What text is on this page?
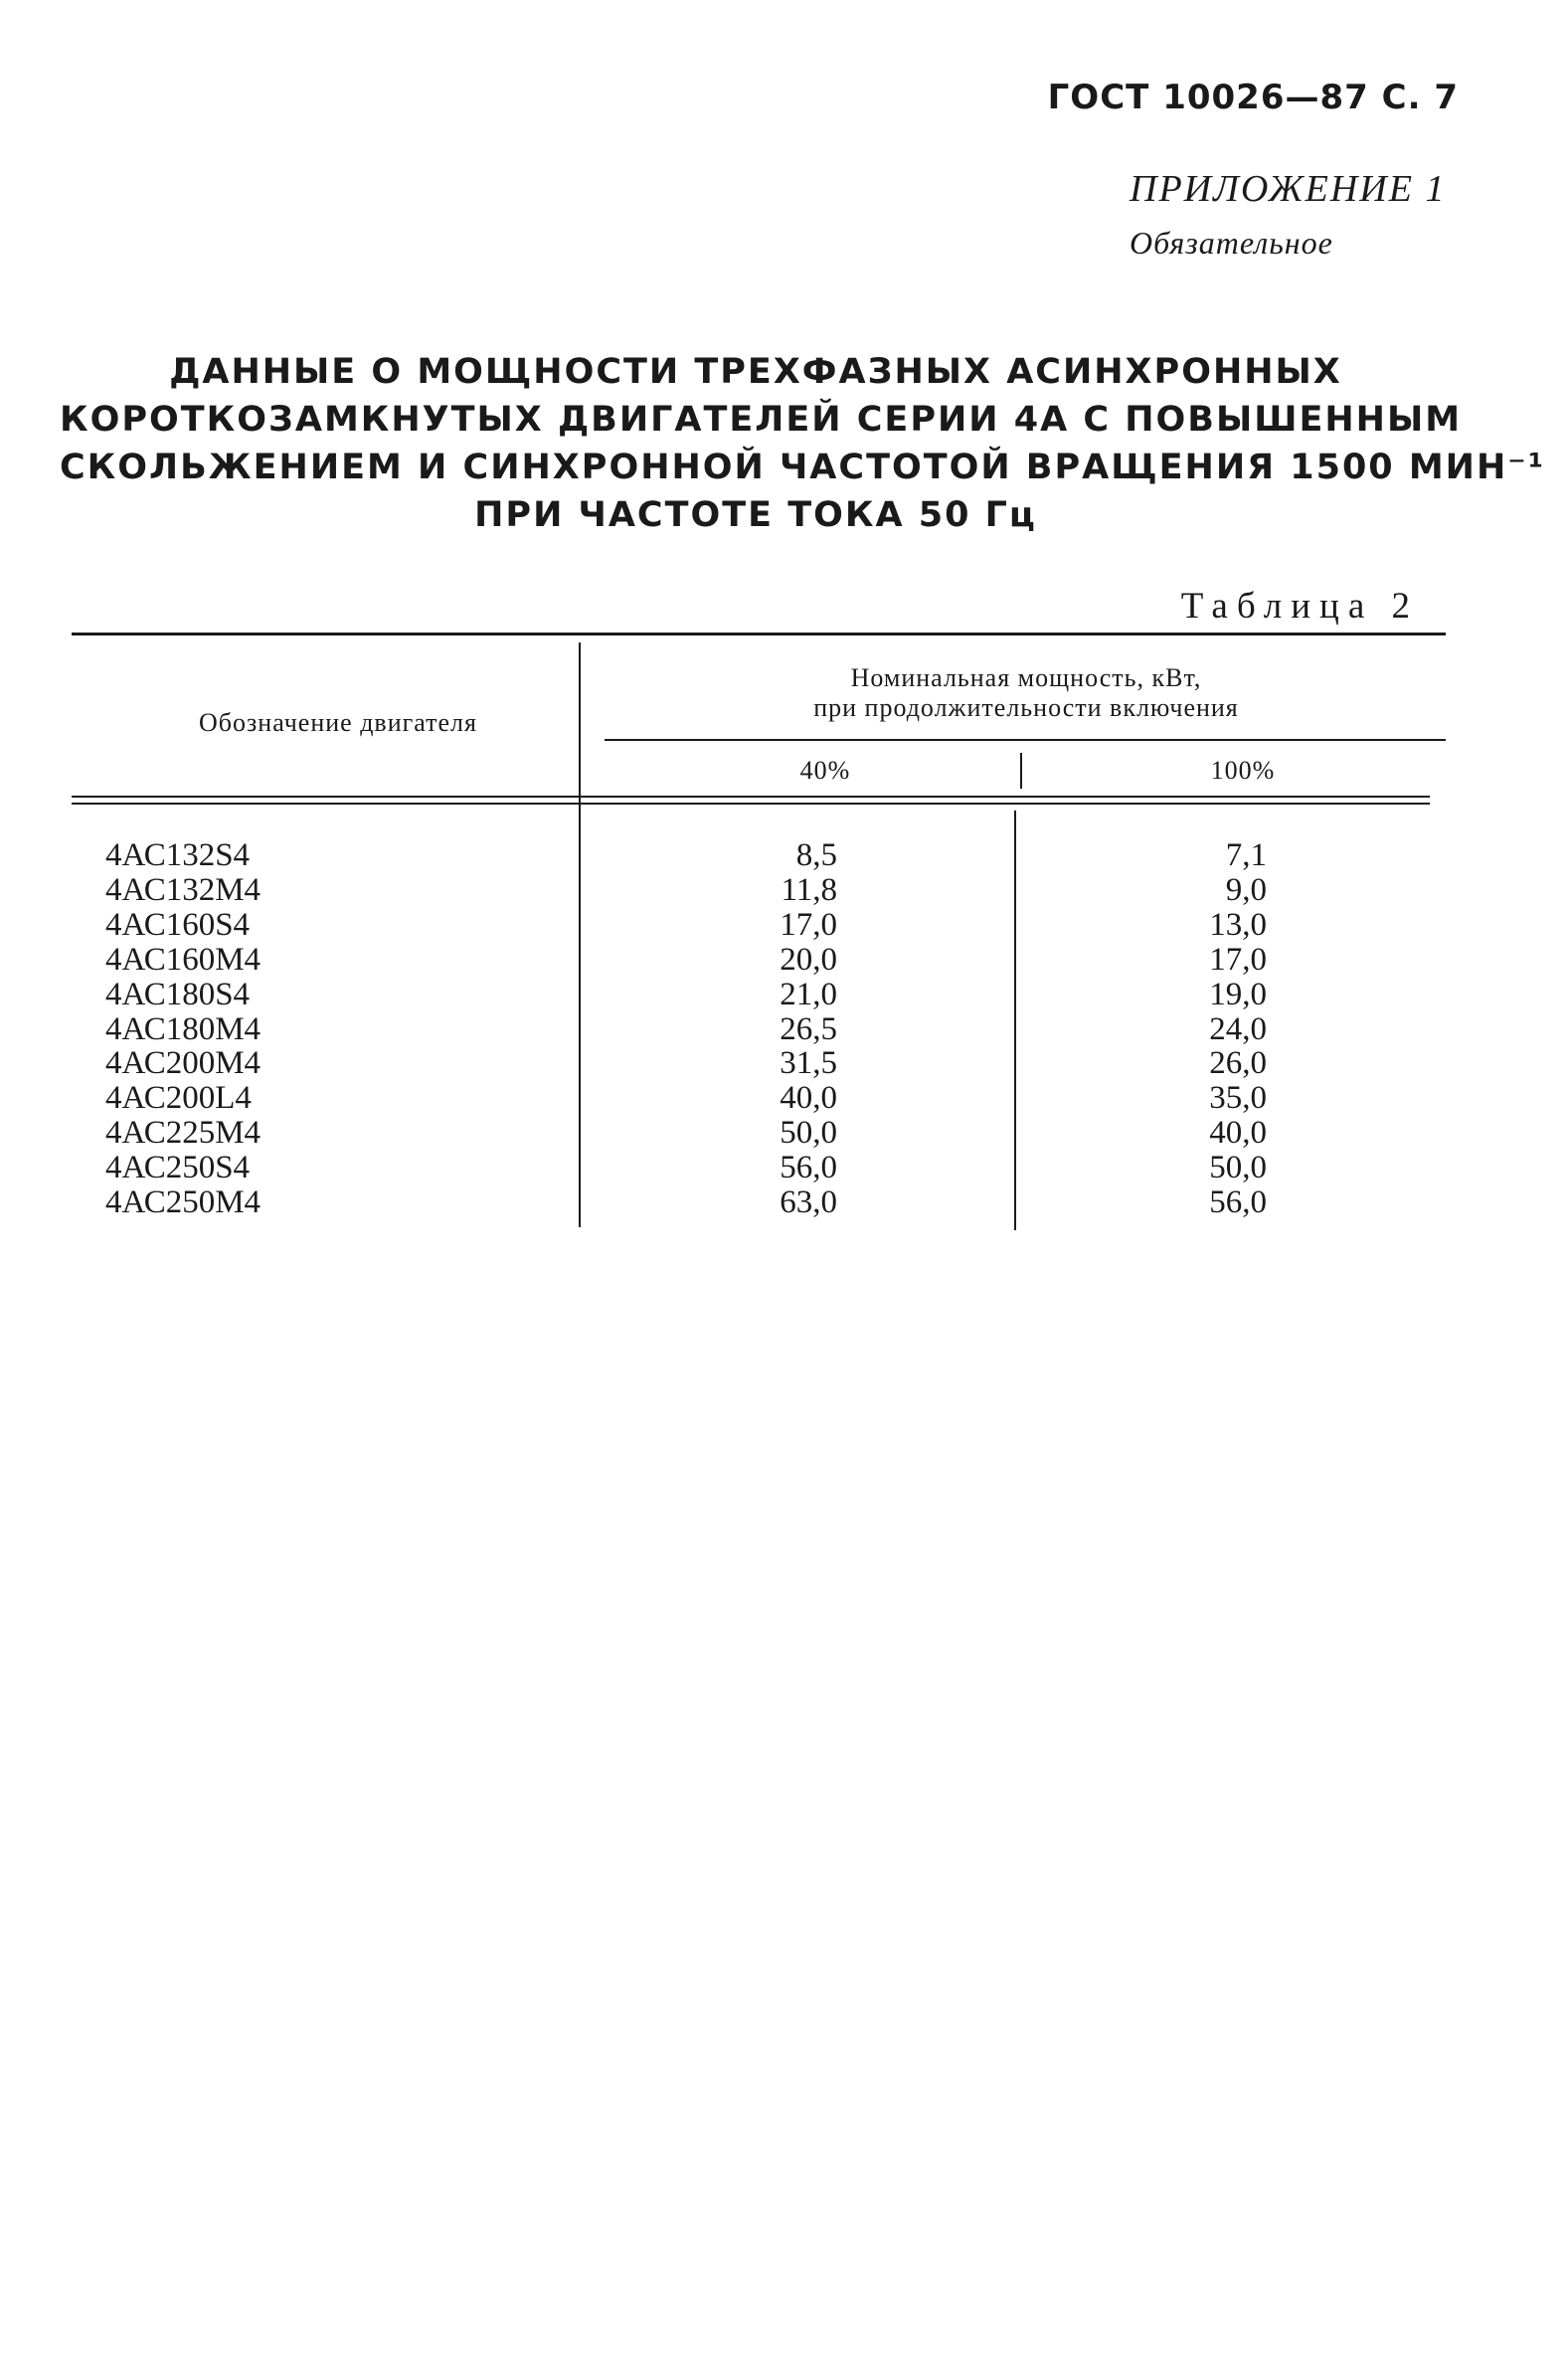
ГОСТ 10026—87 С. 7
ПРИЛОЖЕНИЕ 1
Обязательное
ДАННЫЕ О МОЩНОСТИ ТРЕХФАЗНЫХ АСИНХРОННЫХ
КОРОТКОЗАМКНУТЫХ ДВИГАТЕЛЕЙ СЕРИИ 4А С ПОВЫШЕННЫМ
СКОЛЬЖЕНИЕМ И СИНХРОННОЙ ЧАСТОТОЙ ВРАЩЕНИЯ 1500 МИН⁻¹
ПРИ ЧАСТОТЕ ТОКА 50 Гц
Таблица 2
Обозначение двигателя
Номинальная мощность, кВт,
при продолжительности включения
40%	100%
4АС132S4	8,5	7,1
4АС132М4	11,8	9,0
4АС160S4	17,0	13,0
4АС160М4	20,0	17,0
4АС180S4	21,0	19,0
4АС180М4	26,5	24,0
4АС200М4	31,5	26,0
4АС200L4	40,0	35,0
4АС225М4	50,0	40,0
4АС250S4	56,0	50,0
4АС250М4	63,0	56,0
